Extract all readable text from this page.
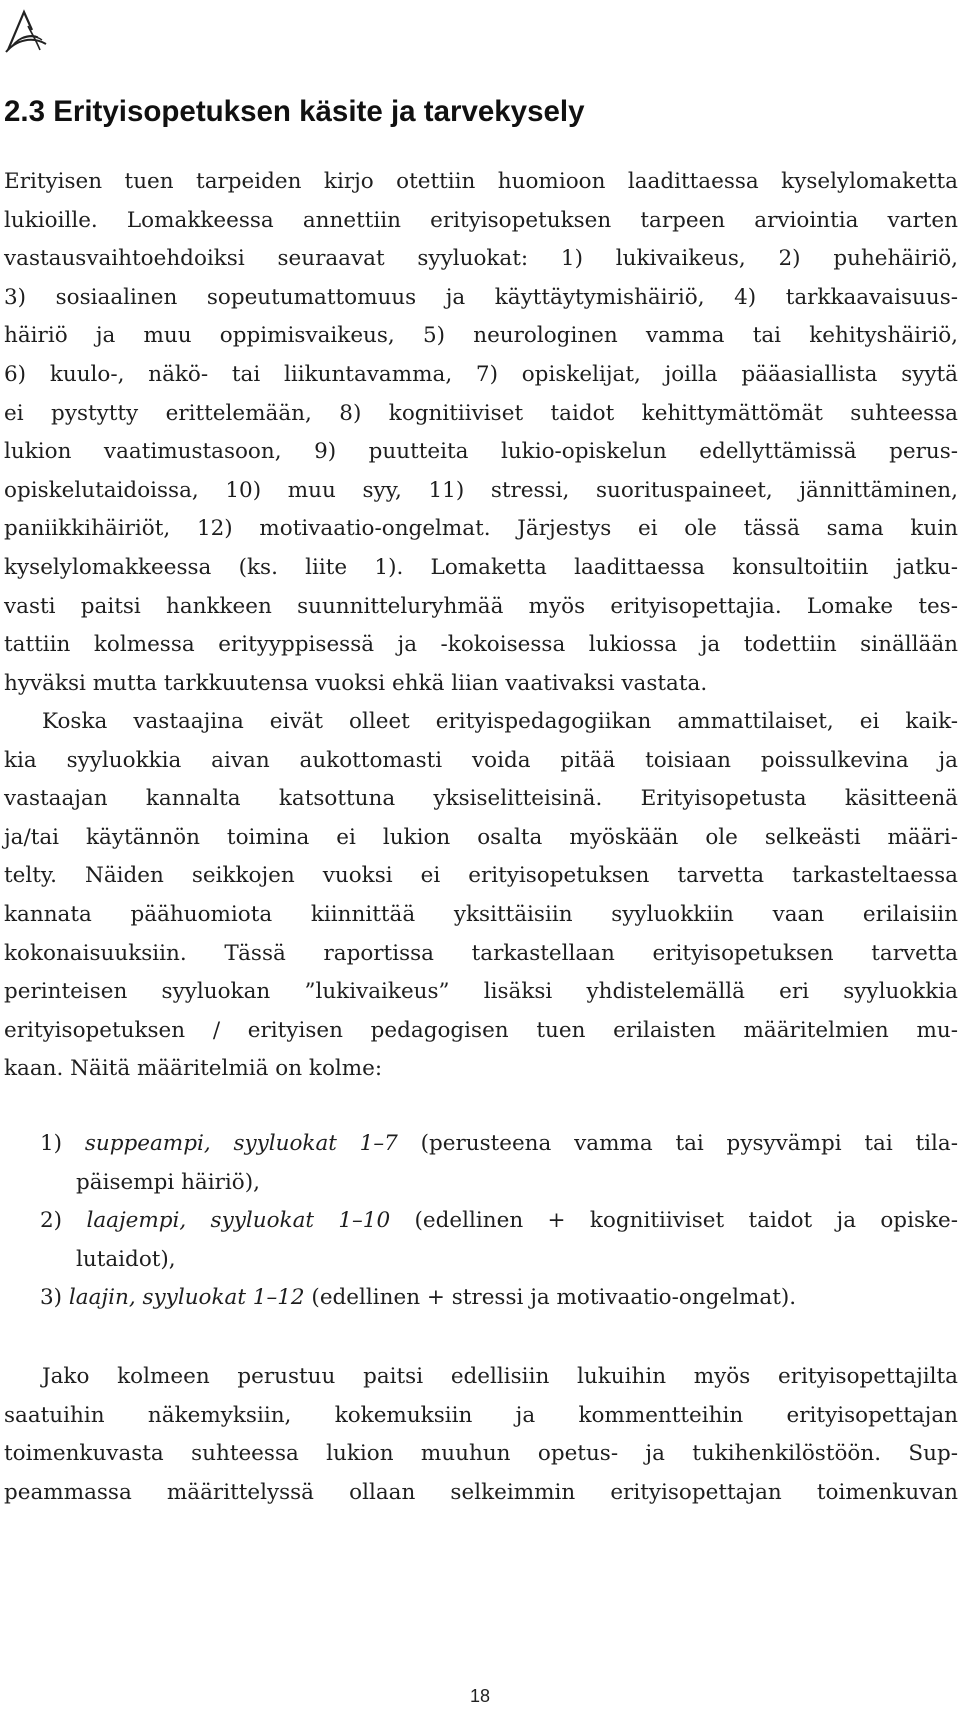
2.3 Erityisopetuksen käsite ja tarvekysely
Erityisen tuen tarpeiden kirjo otettiin huomioon laadittaessa kyselylomaketta
lukioille. Lomakkeessa annettiin erityisopetuksen tarpeen arviointia varten
vastausvaihtoehdoiksi seuraavat syyluokat: 1) lukivaikeus, 2) puhehäiriö,
3) sosiaalinen sopeutumattomuus ja käyttäytymishäiriö, 4) tarkkaavaisuus-
häiriö ja muu oppimisvaikeus, 5) neurologinen vamma tai kehityshäiriö,
6) kuulo-, näkö- tai liikuntavamma, 7) opiskelijat, joilla pääasiallista syytä
ei pystytty erittelemään, 8) kognitiiviset taidot kehittymättömät suhteessa
lukion vaatimustasoon, 9) puutteita lukio-opiskelun edellyttämissä perus-
opiskelutaidoissa, 10) muu syy, 11) stressi, suorituspaineet, jännittäminen,
paniikkihäiriöt, 12) motivaatio-ongelmat. Järjestys ei ole tässä sama kuin
kyselylomakkeessa (ks. liite 1). Lomaketta laadittaessa konsultoitiin jatku-
vasti paitsi hankkeen suunnitteluryhmää myös erityisopettajia. Lomake tes-
tattiin kolmessa erityyppisessä ja -kokoisessa lukiossa ja todettiin sinällään
hyväksi mutta tarkkuutensa vuoksi ehkä liian vaativaksi vastata.
Koska vastaajina eivät olleet erityispedagogiikan ammattilaiset, ei kaik-
kia syyluokkia aivan aukottomasti voida pitää toisiaan poissulkevina ja
vastaajan kannalta katsottuna yksiselitteisinä. Erityisopetusta käsitteenä
ja/tai käytännön toimina ei lukion osalta myöskään ole selkeästi määri-
telty. Näiden seikkojen vuoksi ei erityisopetuksen tarvetta tarkasteltaessa
kannata päähuomiota kiinnittää yksittäisiin syyluokkiin vaan erilaisiin
kokonaisuuksiin. Tässä raportissa tarkastellaan erityisopetuksen tarvetta
perinteisen syyluokan ”lukivaikeus” lisäksi yhdistelemällä eri syyluokkia
erityisopetuksen / erityisen pedagogisen tuen erilaisten määritelmien mu-
kaan. Näitä määritelmiä on kolme:
1) suppeampi, syyluokat 1–7 (perusteena vamma tai pysyvämpi tai tila-
päisempi häiriö),
2) laajempi, syyluokat 1–10 (edellinen + kognitiiviset taidot ja opiske-
lutaidot),
3) laajin, syyluokat 1–12 (edellinen + stressi ja motivaatio-ongelmat).
Jako kolmeen perustuu paitsi edellisiin lukuihin myös erityisopettajilta
saatuihin näkemyksiin, kokemuksiin ja kommentteihin erityisopettajan
toimenkuvasta suhteessa lukion muuhun opetus- ja tukihenkilöstöön. Sup-
peammassa määrittelyssä ollaan selkeimmin erityisopettajan toimenkuvan
18
